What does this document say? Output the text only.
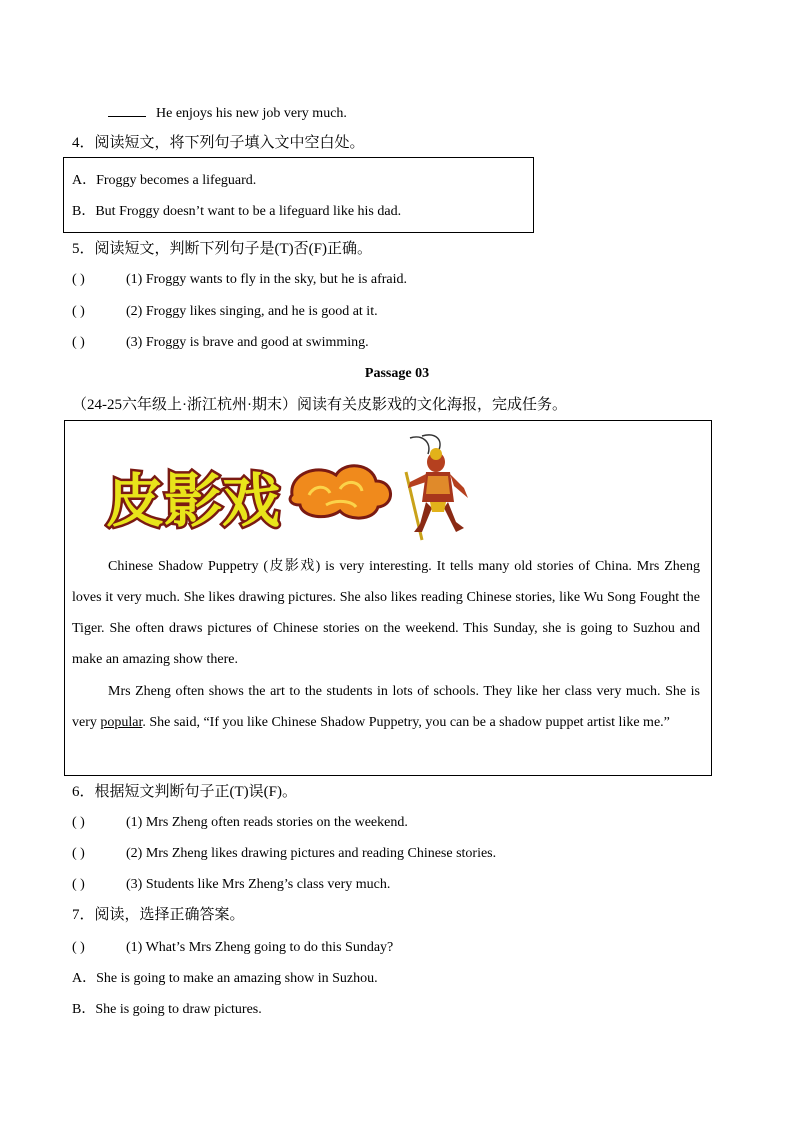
He enjoys his new job very much.
4．阅读短文，将下列句子填入文中空白处。
A．Froggy becomes a lifeguard.
B．But Froggy doesn’t want to be a lifeguard like his dad.
5．阅读短文，判断下列句子是(T)否(F)正确。
( )	(1) Froggy wants to fly in the sky, but he is afraid.
( )	(2) Froggy likes singing, and he is good at it.
( )	(3) Froggy is brave and good at swimming.
Passage 03
（24-25六年级上·浙江杭州·期末）阅读有关皮影戏的文化海报，完成任务。
皮影戏
Chinese Shadow Puppetry (皮影戏) is very interesting. It tells many old stories of China. Mrs Zheng loves it very much. She likes drawing pictures. She also likes reading Chinese stories, like Wu Song Fought the Tiger. She often draws pictures of Chinese stories on the weekend. This Sunday, she is going to Suzhou and make an amazing show there.
Mrs Zheng often shows the art to the students in lots of schools. They like her class very much. She is very popular. She said, “If you like Chinese Shadow Puppetry, you can be a shadow puppet artist like me.”
6．根据短文判断句子正(T)误(F)。
( )	(1) Mrs Zheng often reads stories on the weekend.
( )	(2) Mrs Zheng likes drawing pictures and reading Chinese stories.
( )	(3) Students like Mrs Zheng’s class very much.
7．阅读，选择正确答案。
( )	(1) What’s Mrs Zheng going to do this Sunday?
A．She is going to make an amazing show in Suzhou.
B．She is going to draw pictures.
